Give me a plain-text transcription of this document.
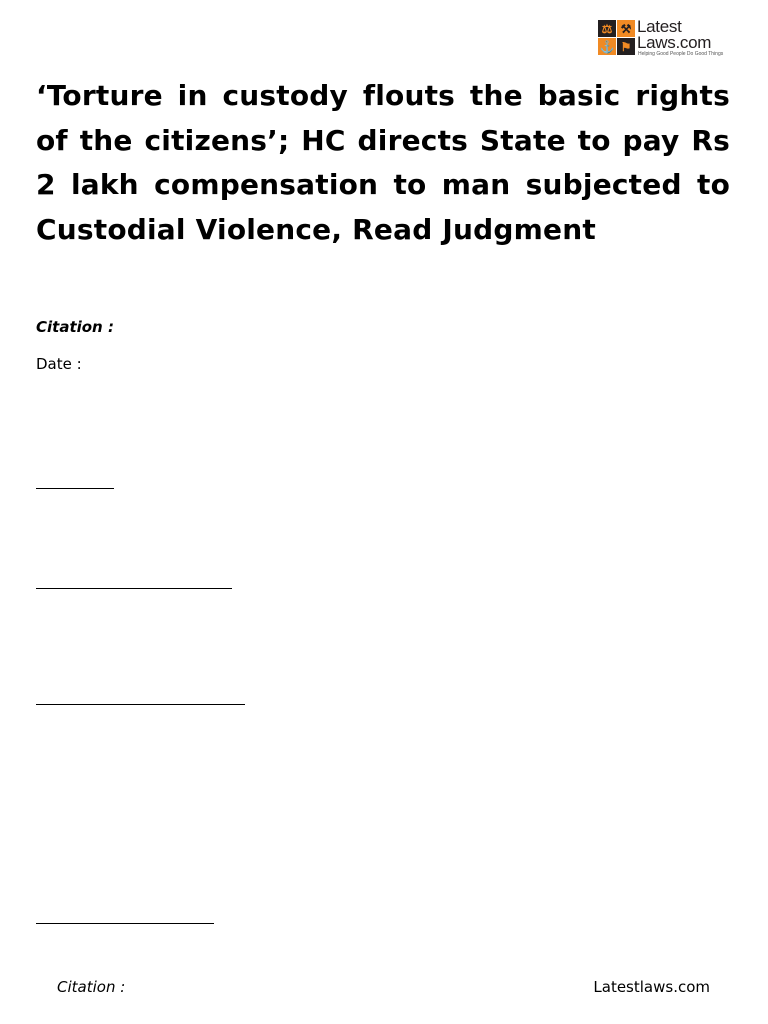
⚖ ⚒
⚓ ⚑
Latest
Laws.com
Helping Good People Do Good Things
‘Torture in custody flouts the basic rights of the citizens’; HC directs State to pay Rs 2 lakh compensation to man subjected to Custodial Violence, Read Judgment
Citation :
Date :
Citation :	Latestlaws.com
